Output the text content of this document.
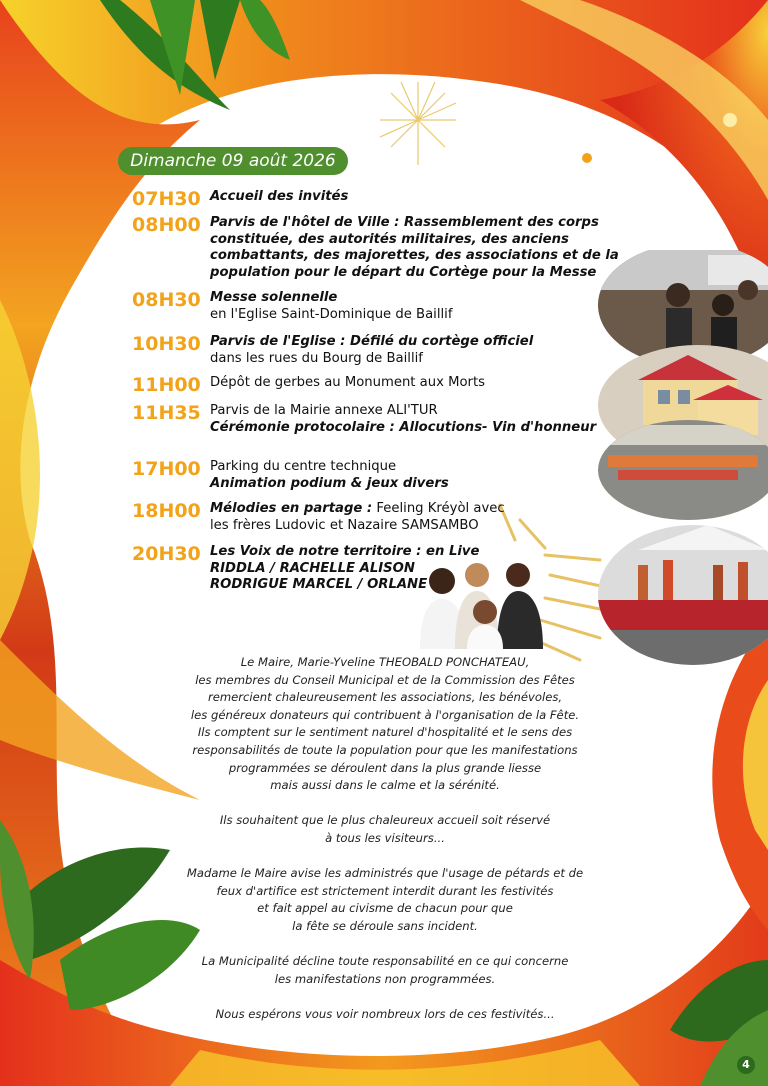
Dimanche 09 août 2026
07H30 Accueil des invités
08H00 Parvis de l'hôtel de Ville : Rassemblement des corps
constituée, des autorités militaires, des anciens
combattants, des majorettes, des associations et de la
population pour le départ du Cortège pour la Messe
08H30 Messe solennelle
en l'Eglise Saint-Dominique de Baillif
10H30 Parvis de l'Eglise : Défilé du cortège officiel
dans les rues du Bourg de Baillif
11H00 Dépôt de gerbes au Monument aux Morts
11H35 Parvis de la Mairie annexe ALI'TUR
Cérémonie protocolaire : Allocutions- Vin d'honneur
17H00 Parking du centre technique
Animation podium & jeux divers
18H00 Mélodies en partage : Feeling Kréyòl avec
les frères Ludovic et Nazaire SAMSAMBO
20H30 Les Voix de notre territoire : en Live
RIDDLA / RACHELLE ALISON
RODRIGUE MARCEL / ORLANE
Le Maire, Marie-Yveline THEOBALD PONCHATEAU,
les membres du Conseil Municipal et de la Commission des Fêtes
remercient chaleureusement les associations, les bénévoles,
les généreux donateurs qui contribuent à l'organisation de la Fête.
Ils comptent sur le sentiment naturel d'hospitalité et le sens des
responsabilités de toute la population pour que les manifestations
programmées se déroulent dans la plus grande liesse
mais aussi dans le calme et la sérénité.
Ils souhaitent que le plus chaleureux accueil soit réservé
à tous les visiteurs...
Madame le Maire avise les administrés que l'usage de pétards et de
feux d'artifice est strictement interdit durant les festivités
et fait appel au civisme de chacun pour que
la fête se déroule sans incident.
La Municipalité décline toute responsabilité en ce qui concerne
les manifestations non programmées.
Nous espérons vous voir nombreux lors de ces festivités...
4
